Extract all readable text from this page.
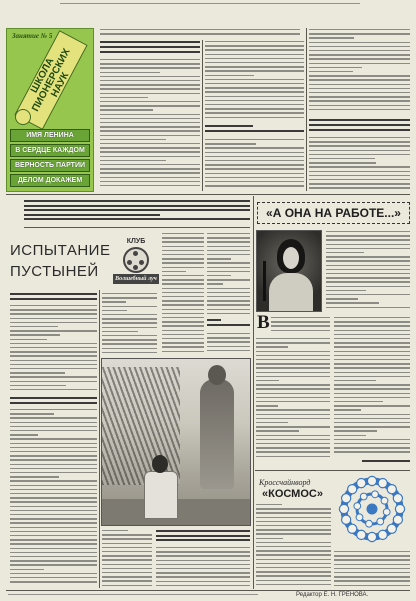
Занятие № 5
ШКОЛА ПИОНЕРСКИХ НАУК
ИМЯ ЛЕНИНА
В СЕРДЦЕ КАЖДОМ
ВЕРНОСТЬ ПАРТИИ
ДЕЛОМ ДОКАЖЕМ
ИСПЫТАНИЕ
ПУСТЫНЕЙ
КЛУБ
Волшебный луч
«А ОНА НА РАБОТЕ...»
В
Кроссчайнворд
«КОСМОС»
Редактор Е. Н. ГРЕНОВА.
